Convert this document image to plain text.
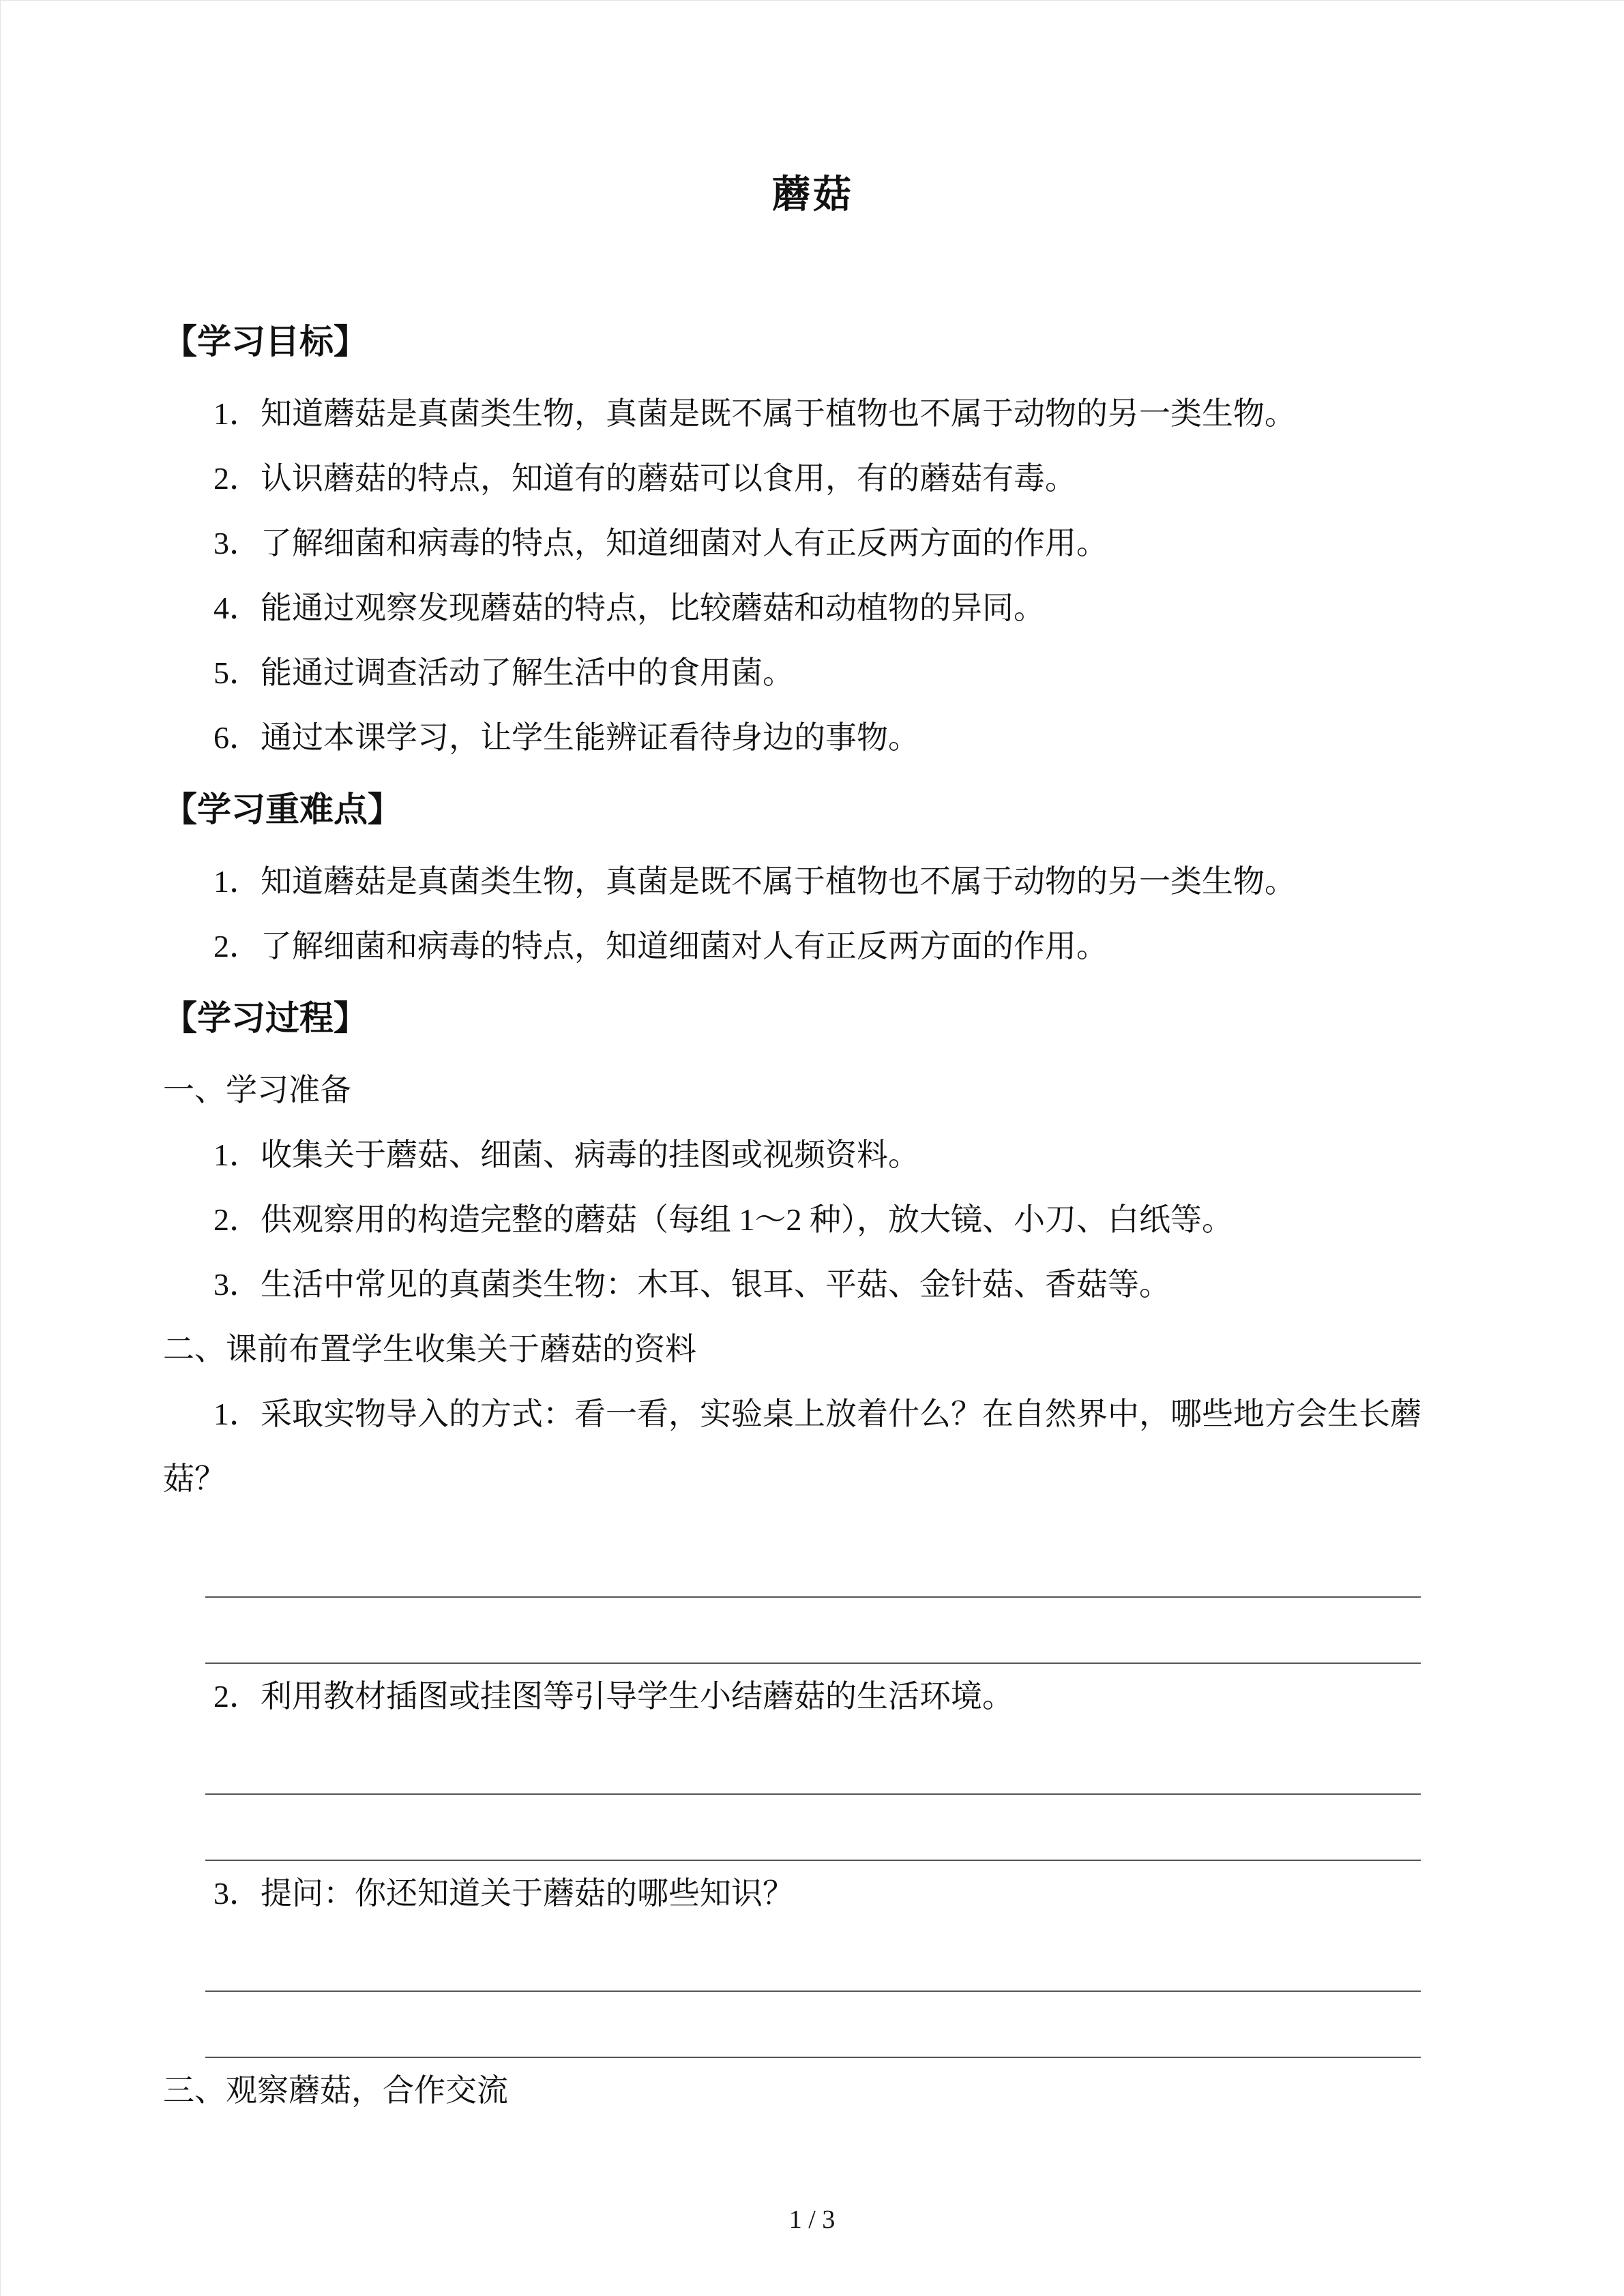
蘑菇
【学习目标】

1．知道蘑菇是真菌类生物，真菌是既不属于植物也不属于动物的另一类生物。

2．认识蘑菇的特点，知道有的蘑菇可以食用，有的蘑菇有毒。

3．了解细菌和病毒的特点，知道细菌对人有正反两方面的作用。

4．能通过观察发现蘑菇的特点，比较蘑菇和动植物的异同。

5．能通过调查活动了解生活中的食用菌。

6．通过本课学习，让学生能辨证看待身边的事物。

【学习重难点】

1．知道蘑菇是真菌类生物，真菌是既不属于植物也不属于动物的另一类生物。

2．了解细菌和病毒的特点，知道细菌对人有正反两方面的作用。

【学习过程】

一、学习准备

1．收集关于蘑菇、细菌、病毒的挂图或视频资料。

2．供观察用的构造完整的蘑菇（每组 1～2 种），放大镜、小刀、白纸等。

3．生活中常见的真菌类生物：木耳、银耳、平菇、金针菇、香菇等。

二、课前布置学生收集关于蘑菇的资料

1．采取实物导入的方式：看一看，实验桌上放着什么？在自然界中，哪些地方会生长蘑菇？

2．利用教材插图或挂图等引导学生小结蘑菇的生活环境。

3．提问：你还知道关于蘑菇的哪些知识？

三、观察蘑菇，合作交流

1 / 3
